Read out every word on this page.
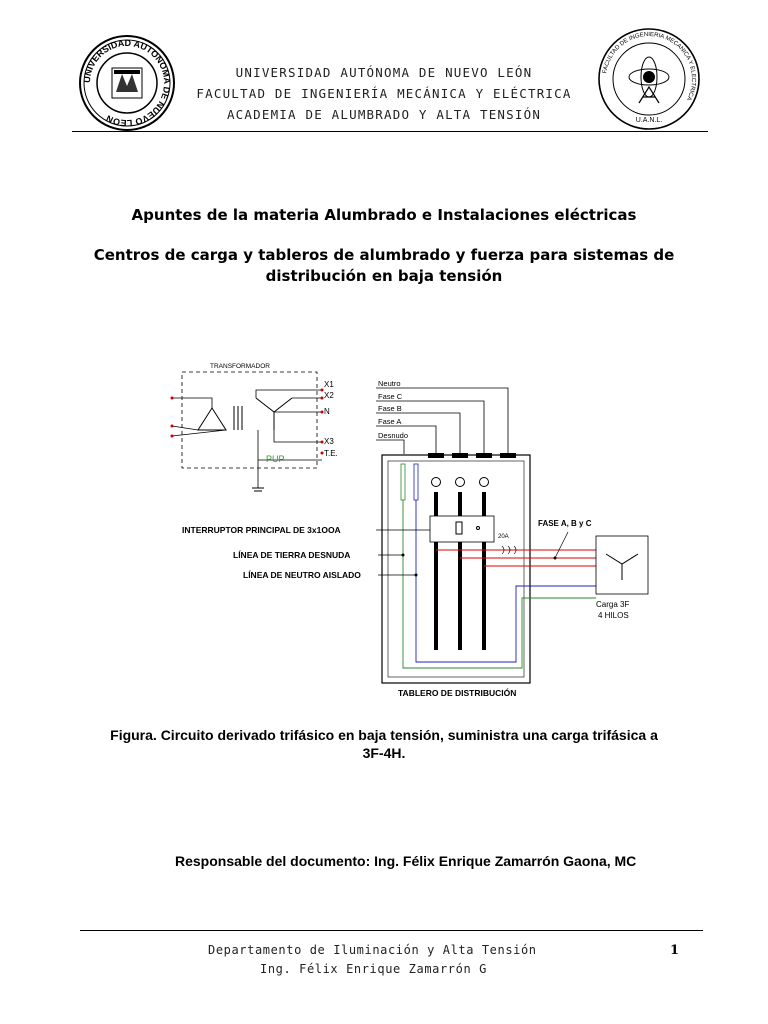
UNIVERSIDAD AUTONOMA DE NUEVO LEON
FACULTAD DE INGENIERIA MECANICA Y ELECTRICA
U.A.N.L.
UNIVERSIDAD AUTÓNOMA DE NUEVO LEÓN
FACULTAD DE INGENIERÍA MECÁNICA Y ELÉCTRICA
ACADEMIA DE ALUMBRADO Y ALTA TENSIÓN
Apuntes de la materia Alumbrado e Instalaciones eléctricas
Centros de carga y tableros de alumbrado y fuerza para sistemas de distribución en baja tensión
TRANSFORMADOR
PUP
X1
X2
N
X3
T.E.
Neutro
Fase C
Fase B
Fase A
Desnudo
20A
Carga 3F
4 HILOS
FASE A, B y C
INTERRUPTOR PRINCIPAL DE 3x1OOA
LÍNEA DE TIERRA DESNUDA
LÍNEA DE NEUTRO AISLADO
TABLERO DE DISTRIBUCIÓN
Figura. Circuito derivado trifásico en baja tensión, suministra una carga trifásica a 3F-4H.
Responsable del documento: Ing. Félix Enrique Zamarrón Gaona, MC
Departamento de Iluminación y Alta Tensión
Ing. Félix Enrique Zamarrón G
1
